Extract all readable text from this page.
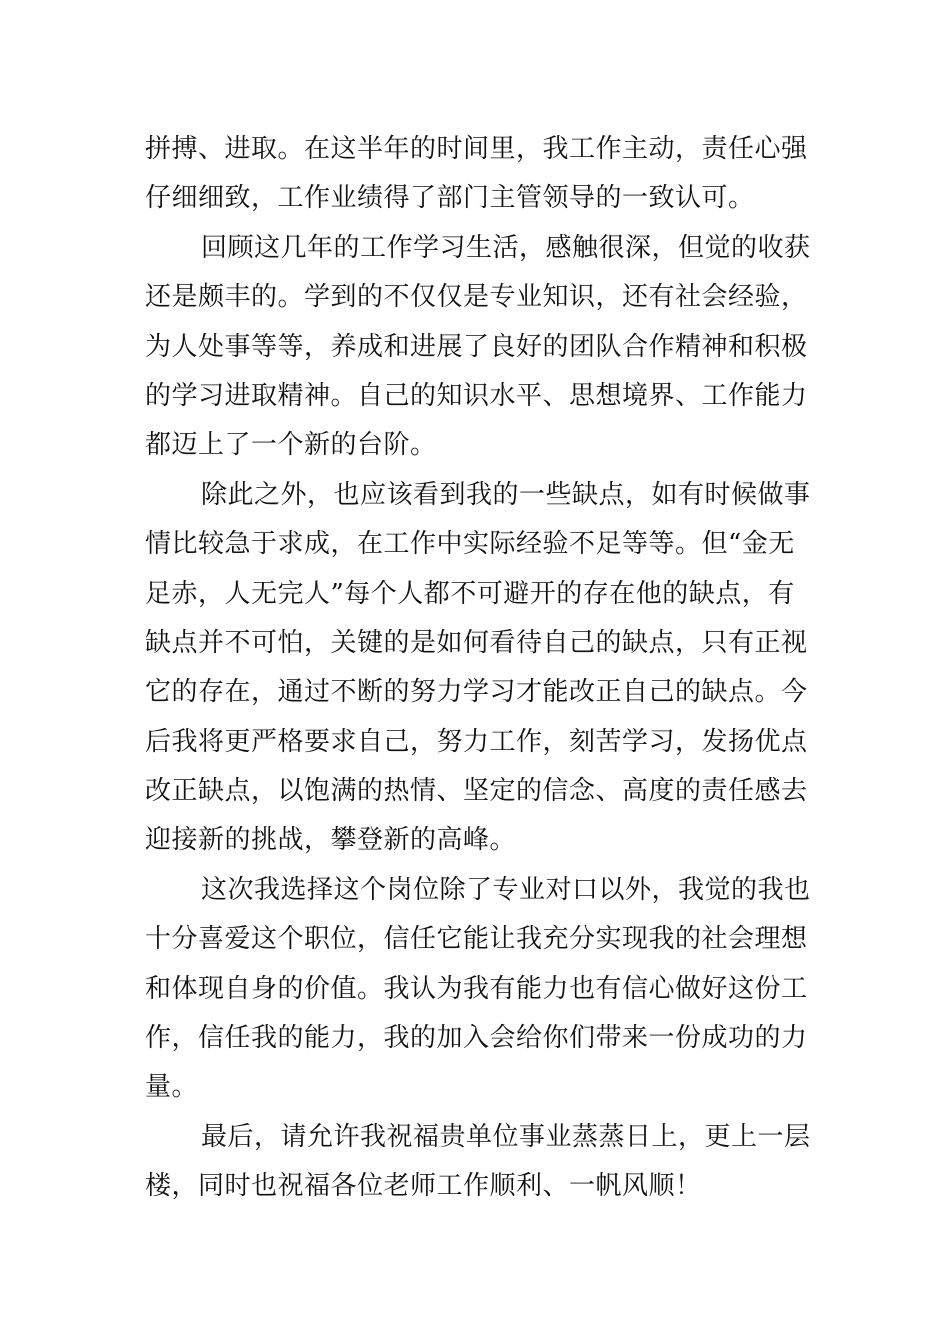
拼搏、进取。在这半年的时间里，我工作主动，责任心强
仔细细致，工作业绩得了部门主管领导的一致认可。
回顾这几年的工作学习生活，感触很深，但觉的收获
还是颇丰的。学到的不仅仅是专业知识，还有社会经验，
为人处事等等，养成和进展了良好的团队合作精神和积极
的学习进取精神。自己的知识水平、思想境界、工作能力
都迈上了一个新的台阶。
除此之外，也应该看到我的一些缺点，如有时候做事
情比较急于求成，在工作中实际经验不足等等。但“金无
足赤，人无完人”每个人都不可避开的存在他的缺点，有
缺点并不可怕，关键的是如何看待自己的缺点，只有正视
它的存在，通过不断的努力学习才能改正自己的缺点。今
后我将更严格要求自己，努力工作，刻苦学习，发扬优点
改正缺点，以饱满的热情、坚定的信念、高度的责任感去
迎接新的挑战，攀登新的高峰。
这次我选择这个岗位除了专业对口以外，我觉的我也
十分喜爱这个职位，信任它能让我充分实现我的社会理想
和体现自身的价值。我认为我有能力也有信心做好这份工
作，信任我的能力，我的加入会给你们带来一份成功的力
量。
最后，请允许我祝福贵单位事业蒸蒸日上，更上一层
楼，同时也祝福各位老师工作顺利、一帆风顺！
